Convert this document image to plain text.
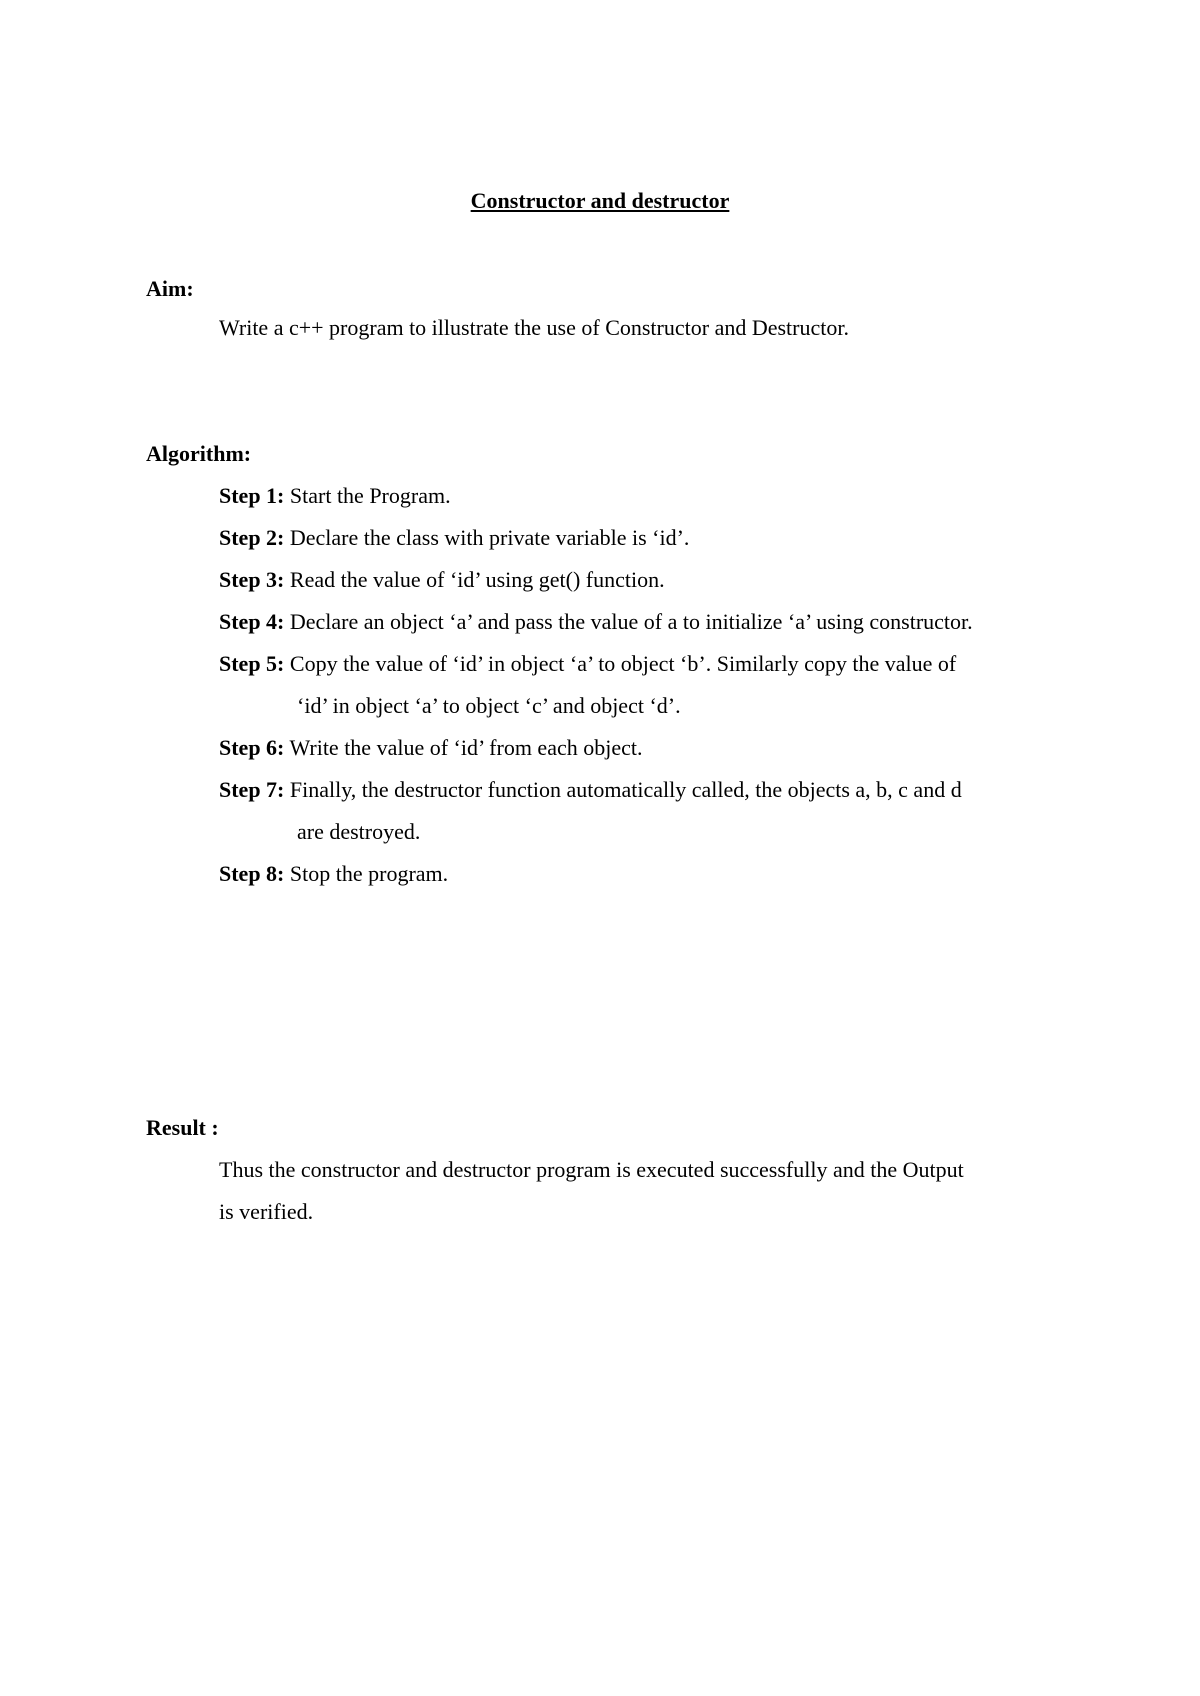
Constructor and destructor
Aim:
Write a c++ program to illustrate the use of Constructor and Destructor.
Algorithm:
Step 1: Start the Program.
Step 2: Declare the class with private variable is ‘id’.
Step 3: Read the value of ‘id’ using get() function.
Step 4: Declare an object ‘a’ and pass the value of a to initialize ‘a’ using constructor.
Step 5: Copy the value of ‘id’ in object ‘a’ to object ‘b’. Similarly copy the value of
‘id’ in object ‘a’ to object ‘c’ and object ‘d’.
Step 6: Write the value of ‘id’ from each object.
Step 7: Finally, the destructor function automatically called, the objects a, b, c and d
are destroyed.
Step 8: Stop the program.
Result :
Thus the constructor and destructor program is executed successfully and the Output
is verified.
